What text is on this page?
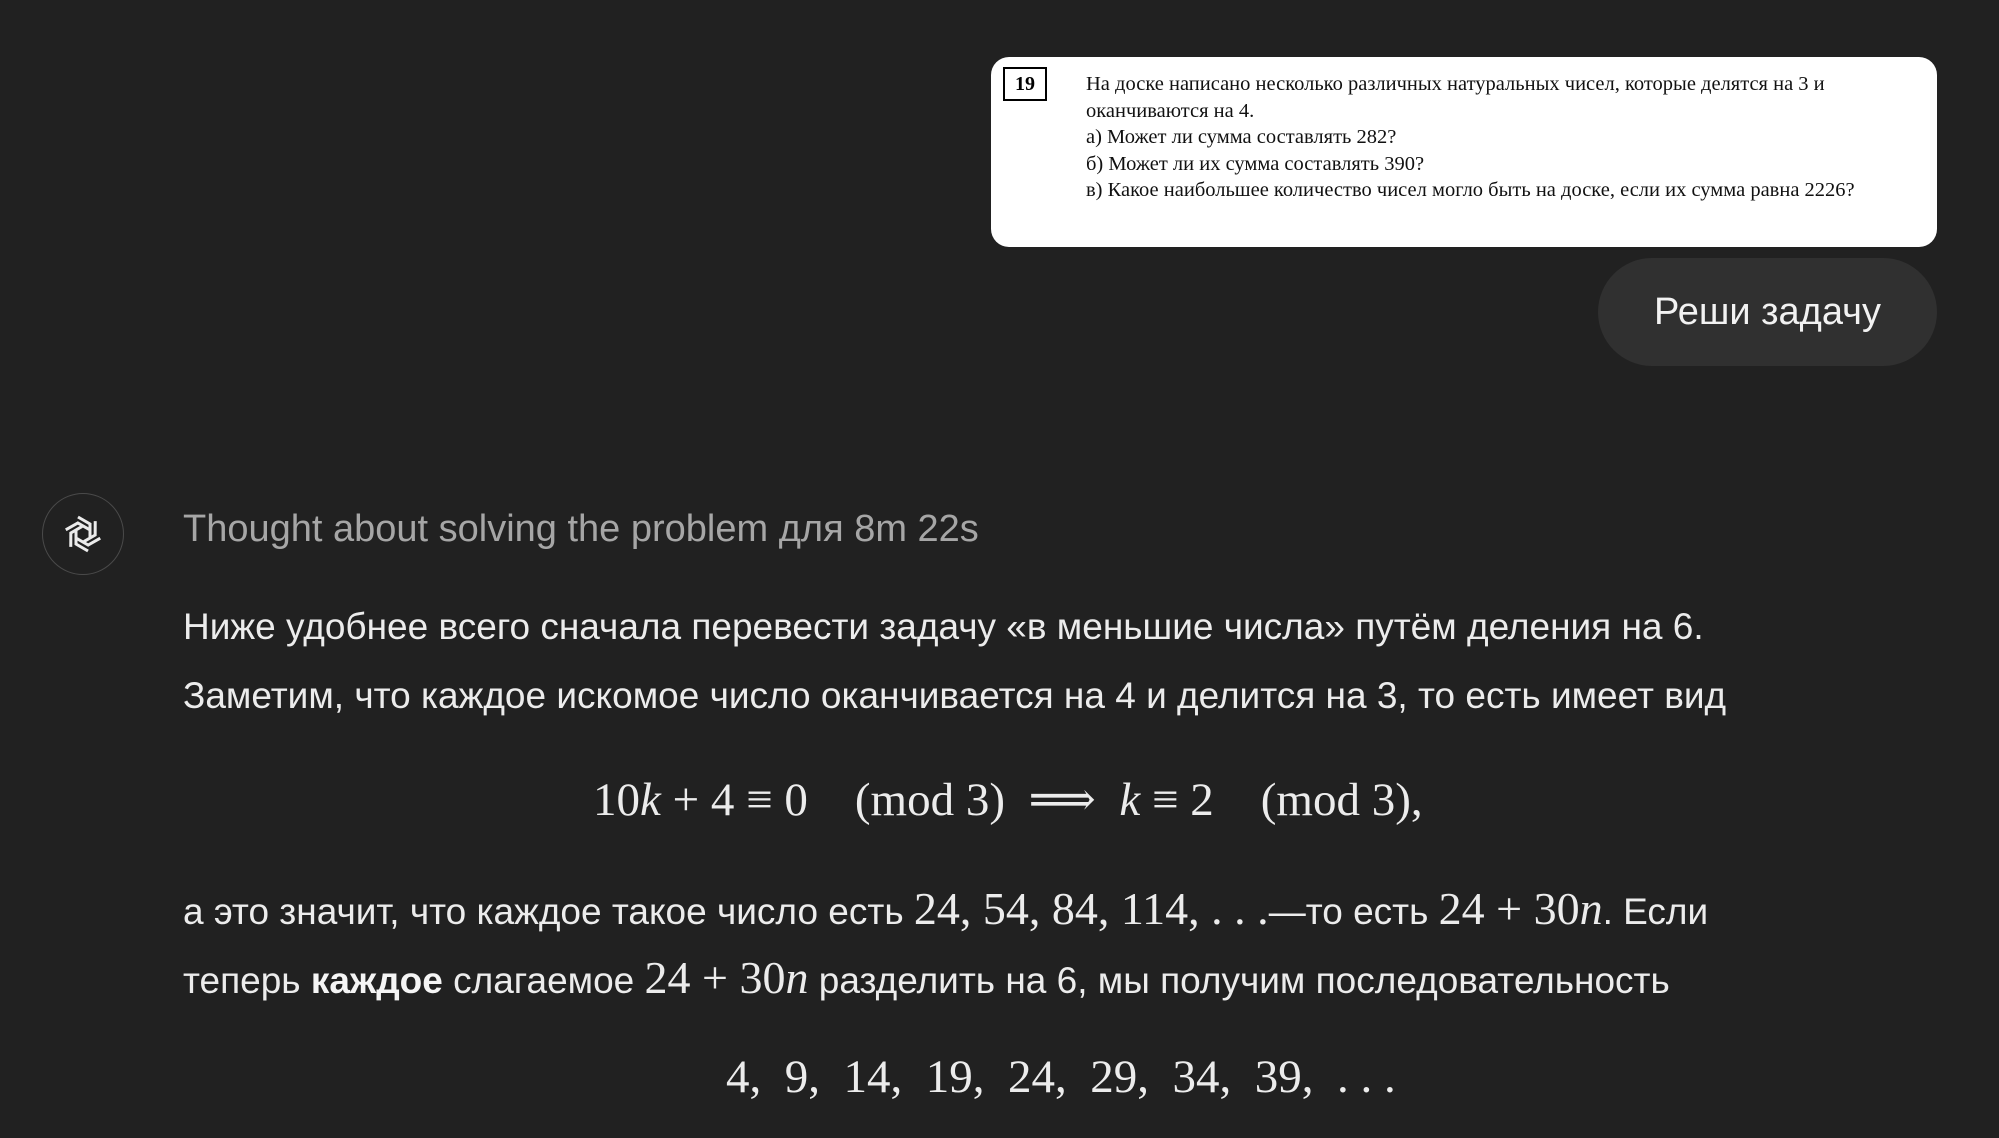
19	На доске написано несколько различных натуральных чисел, которые делятся на 3 и оканчиваются на 4.
а) Может ли сумма составлять 282?
б) Может ли их сумма составлять 390?
в) Какое наибольшее количество чисел могло быть на доске, если их сумма равна 2226?
Реши задачу
Thought about solving the problem для 8m 22s
Ниже удобнее всего сначала перевести задачу «в меньшие числа» путём деления на 6.
Заметим, что каждое искомое число оканчивается на 4 и делится на 3, то есть имеет вид
10k + 4 ≡ 0    (mod 3)  ⟹  k ≡ 2    (mod 3),
а это значит, что каждое такое число есть 24, 54, 84, 114, . . .—то есть 24 + 30n. Если
теперь каждое слагаемое 24 + 30n разделить на 6, мы получим последовательность
4,  9,  14,  19,  24,  29,  34,  39,  . . .
